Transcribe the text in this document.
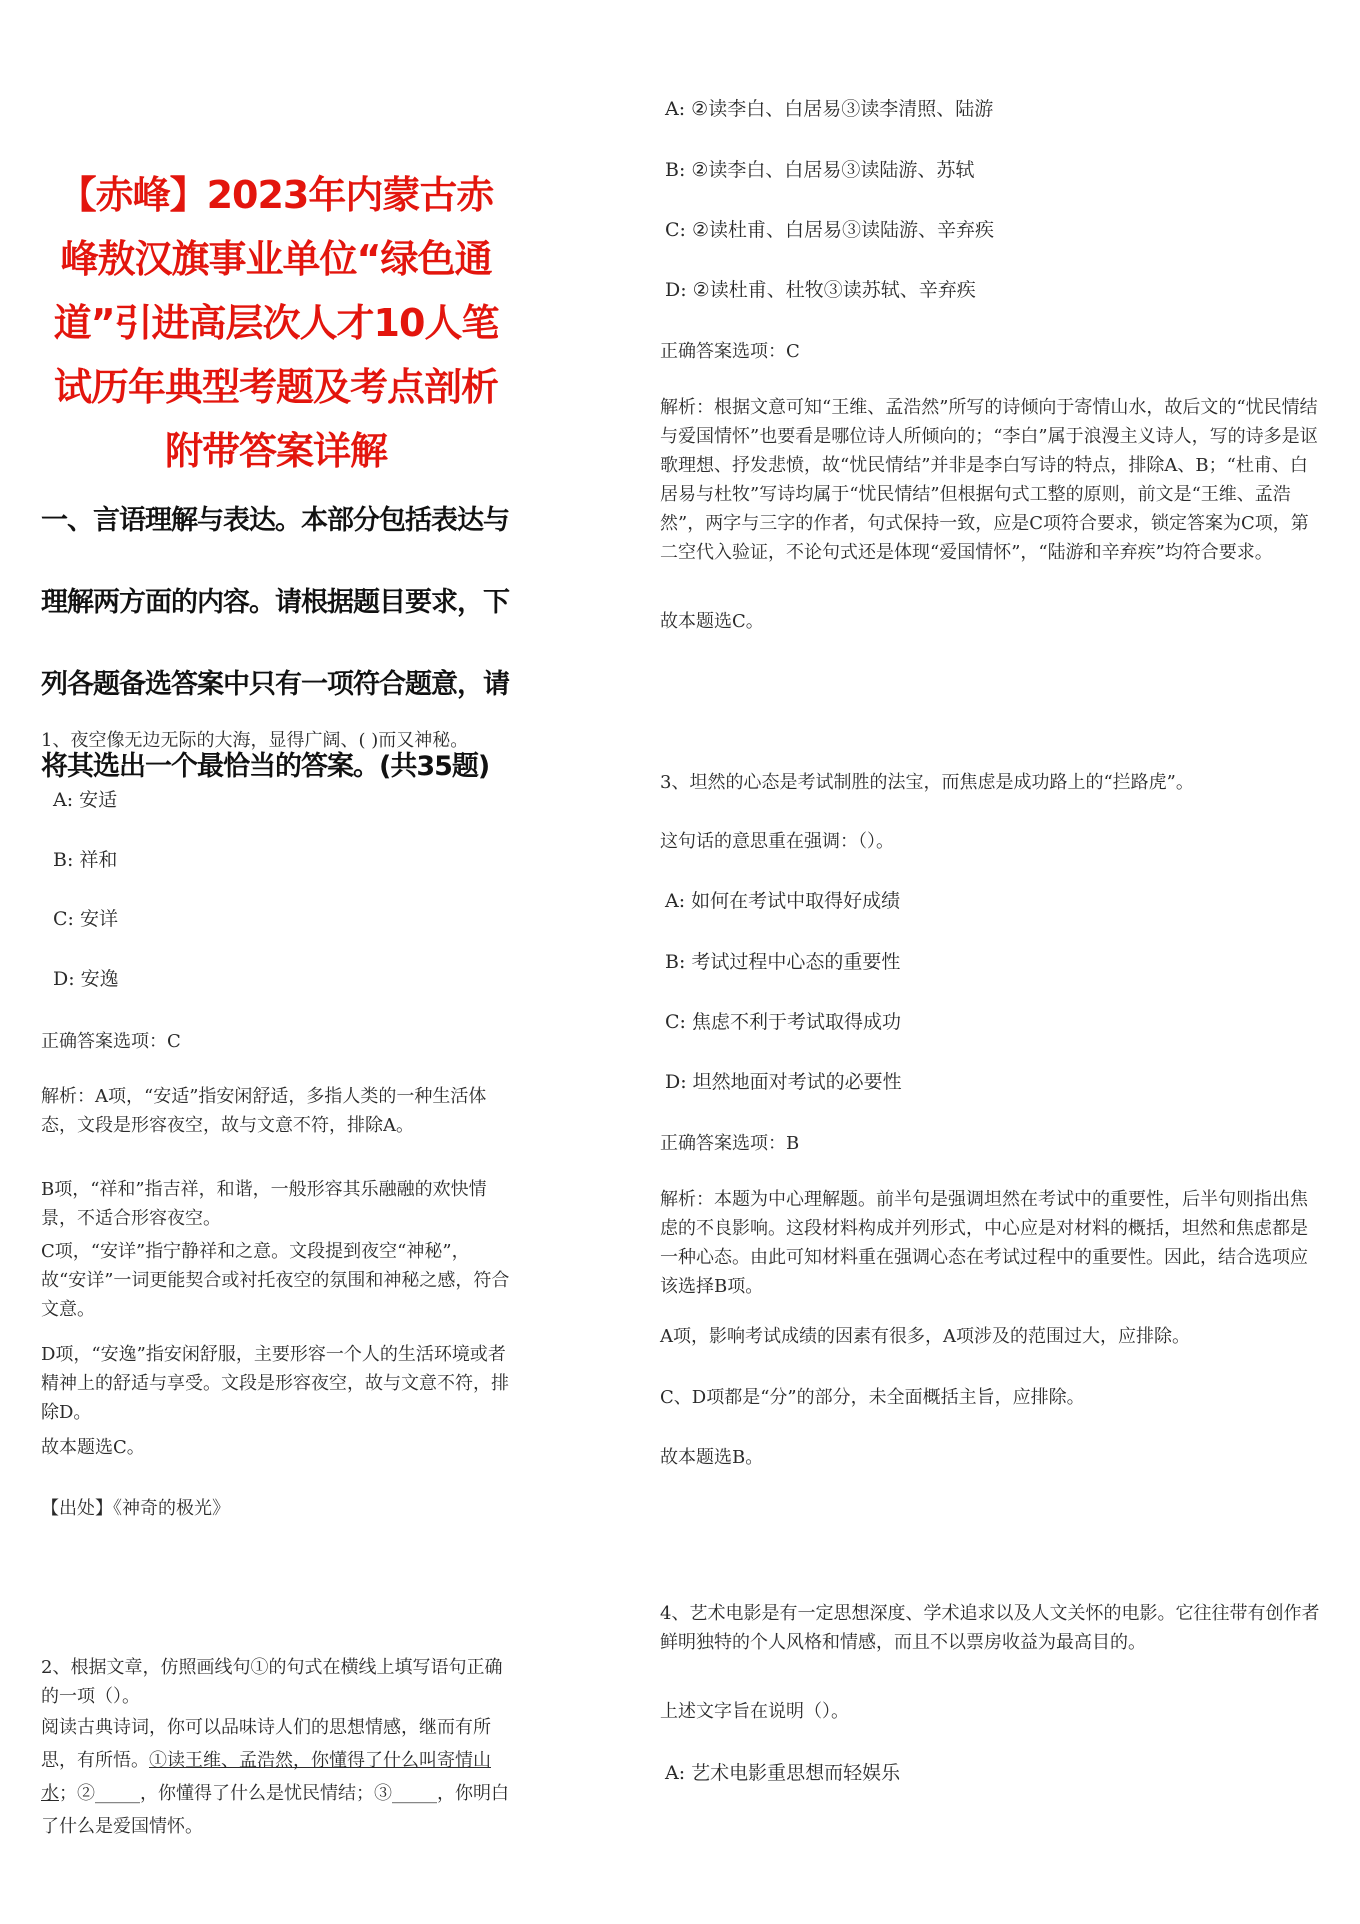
【赤峰】2023年内蒙古赤峰敖汉旗事业单位“绿色通道”引进高层次人才10人笔试历年典型考题及考点剖析附带答案详解
一、言语理解与表达。本部分包括表达与理解两方面的内容。请根据题目要求，下列各题备选答案中只有一项符合题意，请将其选出一个最恰当的答案。(共35题)
1、夜空像无边无际的大海，显得广阔、( )而又神秘。
A: 安适
B: 祥和
C: 安详
D: 安逸
正确答案选项：C
解析：A项，“安适”指安闲舒适，多指人类的一种生活体态，文段是形容夜空，故与文意不符，排除A。
B项，“祥和”指吉祥，和谐，一般形容其乐融融的欢快情景，不适合形容夜空。
C项，“安详”指宁静祥和之意。文段提到夜空“神秘”，故“安详”一词更能契合或衬托夜空的氛围和神秘之感，符合文意。
D项，“安逸”指安闲舒服，主要形容一个人的生活环境或者精神上的舒适与享受。文段是形容夜空，故与文意不符，排除D。
故本题选C。
【出处】《神奇的极光》
2、根据文章，仿照画线句①的句式在横线上填写语句正确的一项（）。
阅读古典诗词，你可以品味诗人们的思想情感，继而有所思，有所悟。①读王维、孟浩然，你懂得了什么叫寄情山水；②_____，你懂得了什么是忧民情结；③_____，你明白了什么是爱国情怀。
A: ②读李白、白居易③读李清照、陆游
B: ②读李白、白居易③读陆游、苏轼
C: ②读杜甫、白居易③读陆游、辛弃疾
D: ②读杜甫、杜牧③读苏轼、辛弃疾
正确答案选项：C
解析：根据文意可知“王维、孟浩然”所写的诗倾向于寄情山水，故后文的“忧民情结与爱国情怀”也要看是哪位诗人所倾向的；“李白”属于浪漫主义诗人，写的诗多是讴歌理想、抒发悲愤，故“忧民情结”并非是李白写诗的特点，排除A、B；“杜甫、白居易与杜牧”写诗均属于“忧民情结”但根据句式工整的原则，前文是“王维、孟浩然”，两字与三字的作者，句式保持一致，应是C项符合要求，锁定答案为C项，第二空代入验证，不论句式还是体现“爱国情怀”，“陆游和辛弃疾”均符合要求。
故本题选C。
3、坦然的心态是考试制胜的法宝，而焦虑是成功路上的“拦路虎”。
这句话的意思重在强调：（）。
A: 如何在考试中取得好成绩
B: 考试过程中心态的重要性
C: 焦虑不利于考试取得成功
D: 坦然地面对考试的必要性
正确答案选项：B
解析：本题为中心理解题。前半句是强调坦然在考试中的重要性，后半句则指出焦虑的不良影响。这段材料构成并列形式，中心应是对材料的概括，坦然和焦虑都是一种心态。由此可知材料重在强调心态在考试过程中的重要性。因此，结合选项应该选择B项。
A项，影响考试成绩的因素有很多，A项涉及的范围过大，应排除。
C、D项都是“分”的部分，未全面概括主旨，应排除。
故本题选B。
4、艺术电影是有一定思想深度、学术追求以及人文关怀的电影。它往往带有创作者鲜明独特的个人风格和情感，而且不以票房收益为最高目的。
上述文字旨在说明（）。
A: 艺术电影重思想而轻娱乐
